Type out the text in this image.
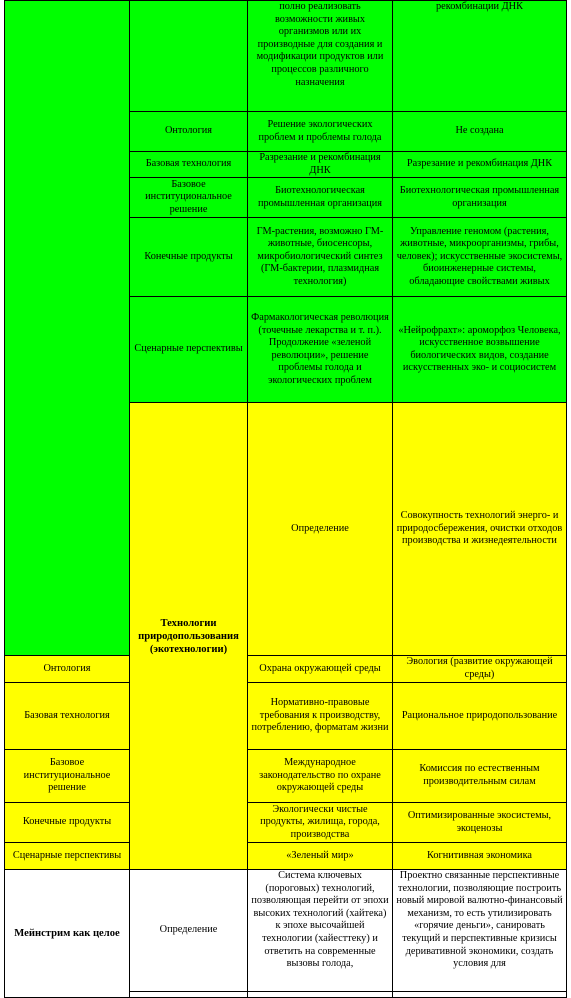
		полно реализовать возможности живых организмов или их производные для создания и модификации продуктов или процессов различного назначения	рекомбинации ДНК	
	Онтология	Решение экологических проблем и проблемы голода	Не создана	
	Базовая технология	Разрезание и рекомбинация ДНК	Разрезание и рекомбинация ДНК	
	Базовое институциональное решение	Биотехнологическая промышленная организация	Биотехнологическая промышленная организация	
	Конечные продукты	ГМ-растения, возможно ГМ-животные, биосенсоры, микробиологический синтез (ГМ-бактерии, плазмидная технология)	Управление геномом (растения, животные, микроорганизмы, грибы, человек); искусственные экосистемы, биоинженерные системы, обладающие свойствами живых	
	Сценарные перспективы	Фармакологическая революция (точечные лекарства и т. п.). Продолжение «зеленой революции», решение проблемы голода и экологических проблем	«Нейрофрахт»: ароморфоз Человека, искусственное возвышение биологических видов, создание искусственных эко- и социосистем	
	Технологии природопользования (экотехнологии)	Определение	Совокупность технологий энерго- и природосбережения, очистки отходов производства и жизнедеятельности	
Онтология		Охрана окружающей среды	Эвология (развитие окружающей среды)	
Базовая технология		Нормативно-правовые требования к производству, потреблению, форматам жизни	Рациональное природопользование	
Базовое институциональное решение		Международное законодательство по охране окружающей среды	Комиссия по естественным производительным силам	
Конечные продукты		Экологически чистые продукты, жилища, города, производства	Оптимизированные экосистемы, экоценозы	
Сценарные перспективы		«Зеленый мир»	Когнитивная экономика	
Мейнстрим как целое	Определение	Система ключевых (пороговых) технологий, позволяющая перейти от эпохи высоких технологий (хайтека) к эпохе высочайшей технологии (хайесттеку) и ответить на современные вызовы голода,	Проектно связанные перспективные технологии, позволяющие построить новый мировой валютно-финансовый механизм, то есть утилизировать «горячие деньги», санировать текущий и перспективные кризисы деривативной экономики, создать условия для	
